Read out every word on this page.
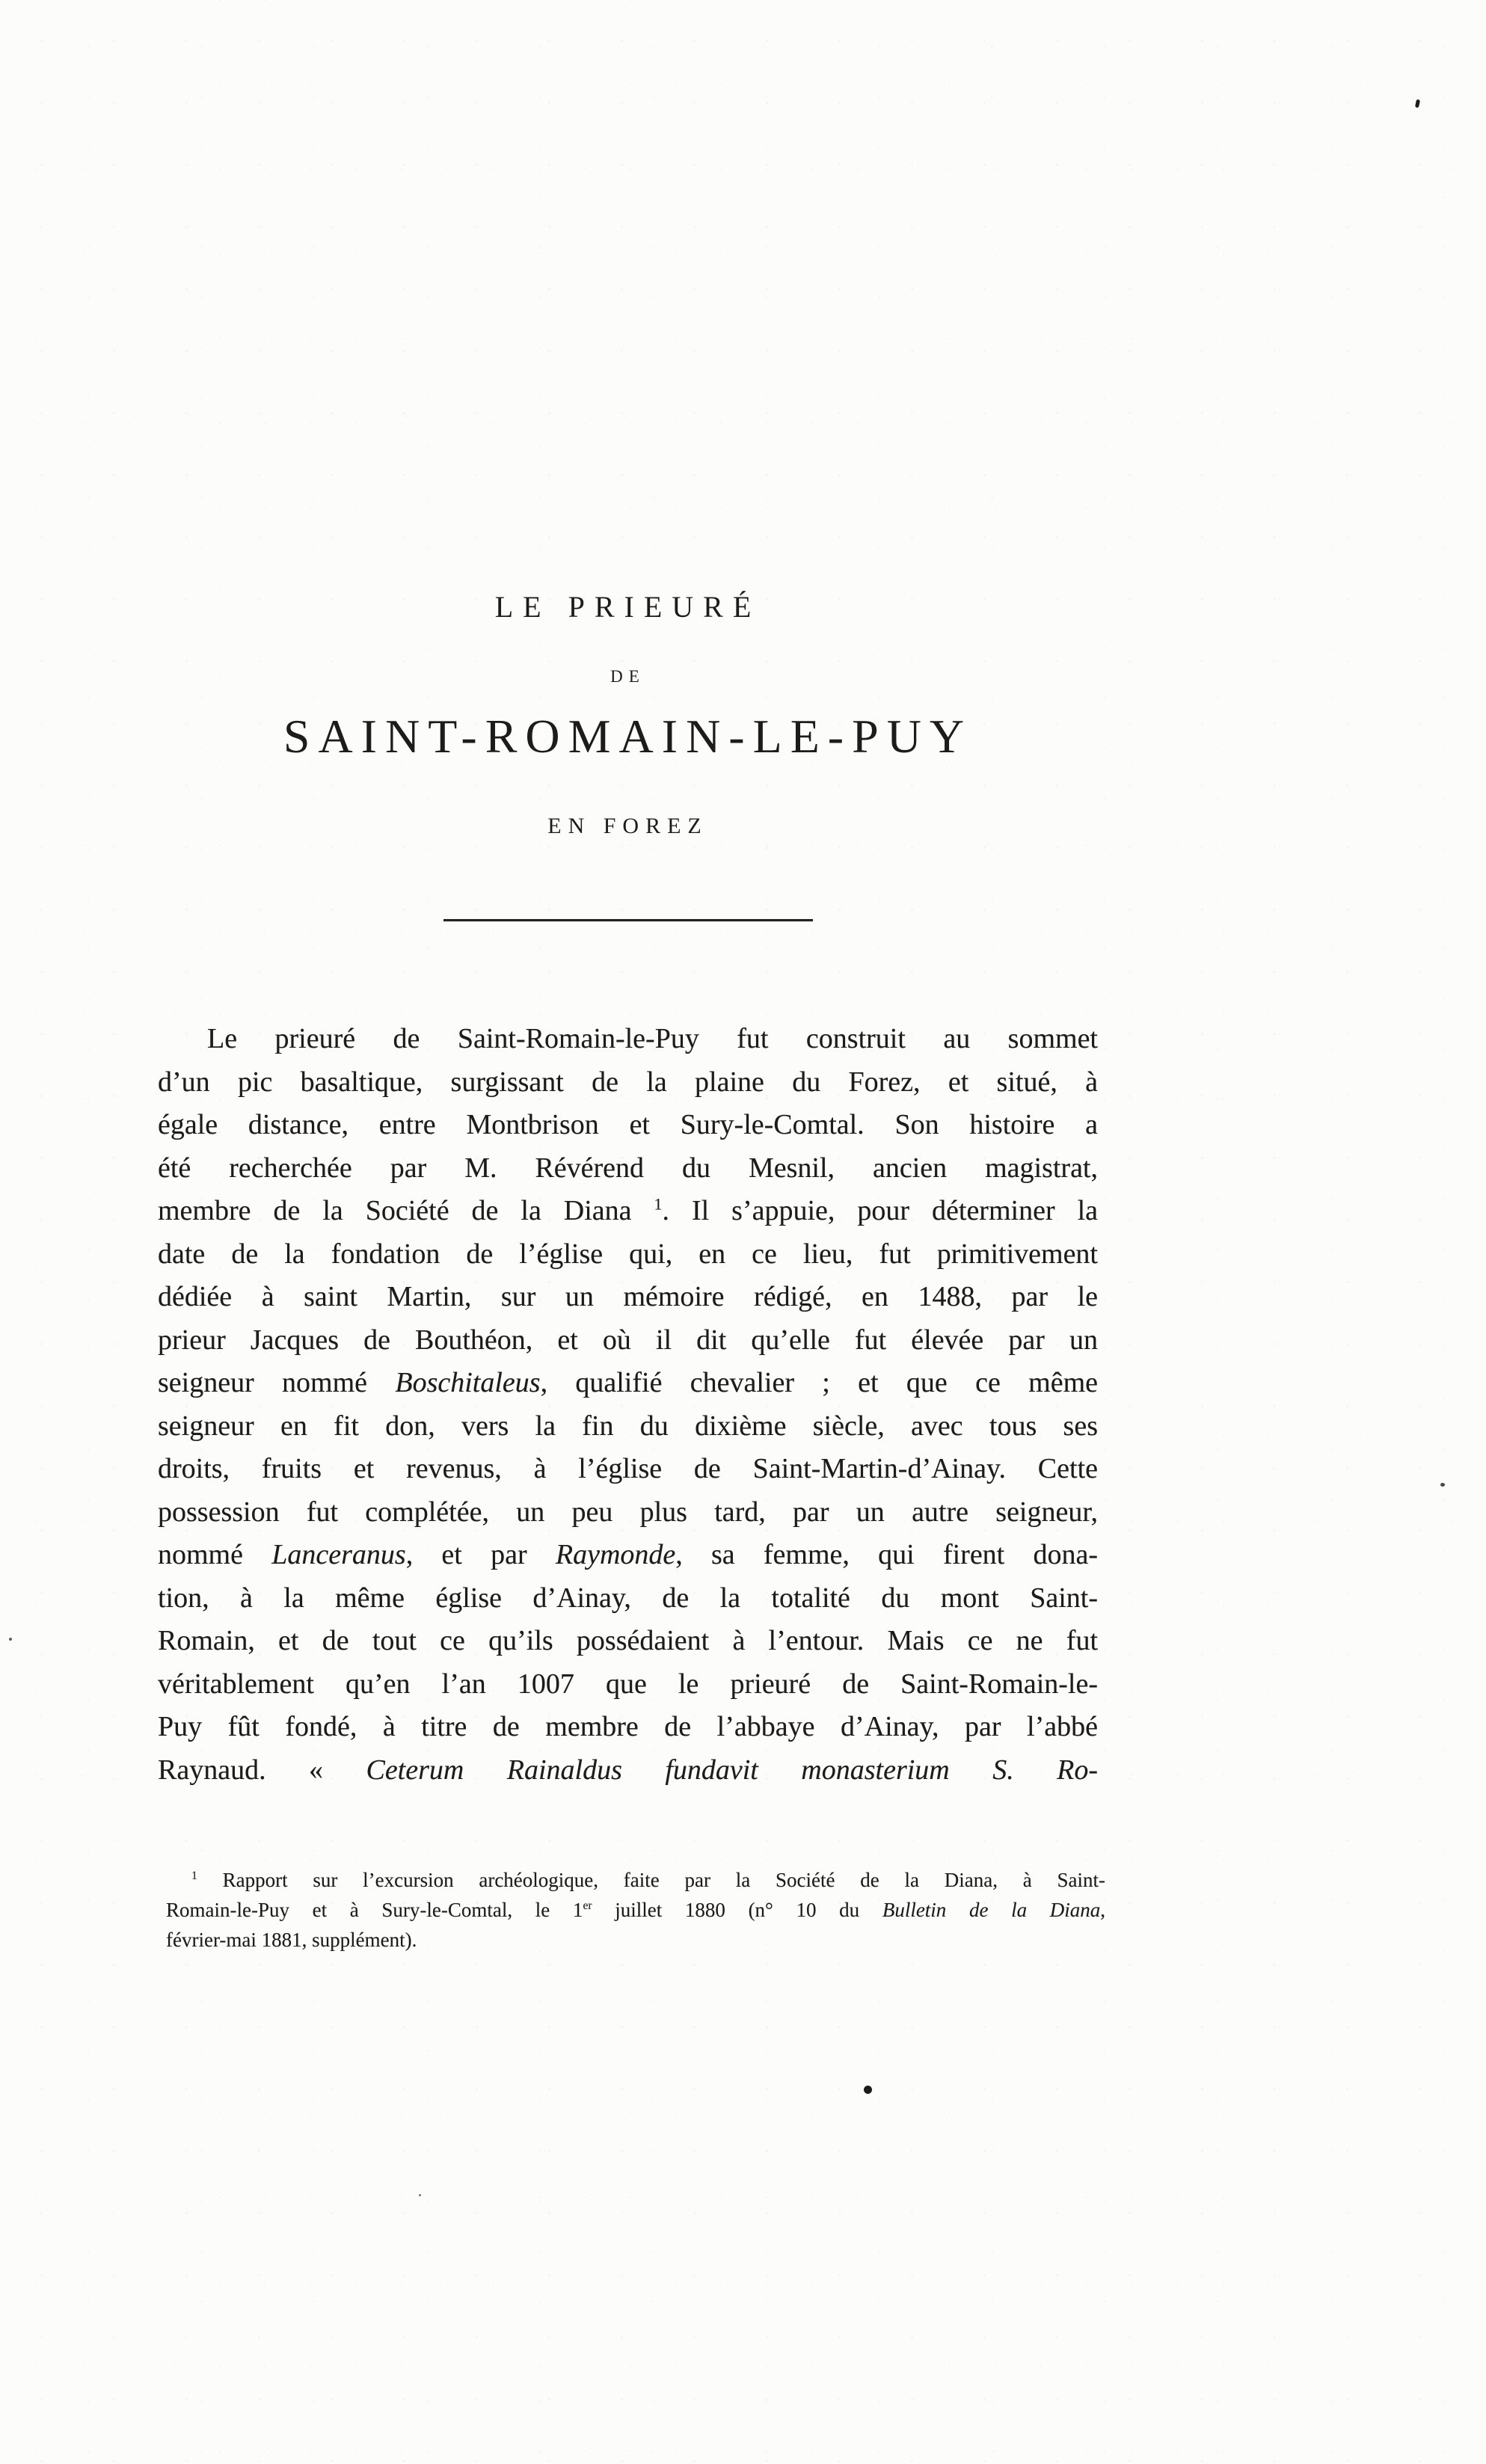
LE PRIEURÉ
DE
SAINT-ROMAIN-LE-PUY
EN FOREZ
Le prieuré de Saint-Romain-le-Puy fut construit au sommet
d’un pic basaltique, surgissant de la plaine du Forez, et situé, à
égale distance, entre Montbrison et Sury-le-Comtal. Son histoire a
été recherchée par M. Révérend du Mesnil, ancien magistrat,
membre de la Société de la Diana $^1$. Il s’appuie, pour déterminer la
date de la fondation de l’église qui, en ce lieu, fut primitivement
dédiée à saint Martin, sur un mémoire rédigé, en 1488, par le
prieur Jacques de Bouthéon, et où il dit qu’elle fut élevée par un
seigneur nommé Boschitaleus, qualifié chevalier ; et que ce même
seigneur en fit don, vers la fin du dixième siècle, avec tous ses
droits, fruits et revenus, à l’église de Saint-Martin-d’Ainay. Cette
possession fut complétée, un peu plus tard, par un autre seigneur,
nommé Lanceranus, et par Raymonde, sa femme, qui firent dona-
tion, à la même église d’Ainay, de la totalité du mont Saint-
Romain, et de tout ce qu’ils possédaient à l’entour. Mais ce ne fut
véritablement qu’en l’an 1007 que le prieuré de Saint-Romain-le-
Puy fût fondé, à titre de membre de l’abbaye d’Ainay, par l’abbé
Raynaud. « Ceterum Rainaldus fundavit monasterium S. Ro-
$^1$ Rapport sur l’excursion archéologique, faite par la Société de la Diana, à Saint-
Romain-le-Puy et à Sury-le-Comtal, le 1er juillet 1880 (n° 10 du Bulletin de la Diana,
février-mai 1881, supplément).
